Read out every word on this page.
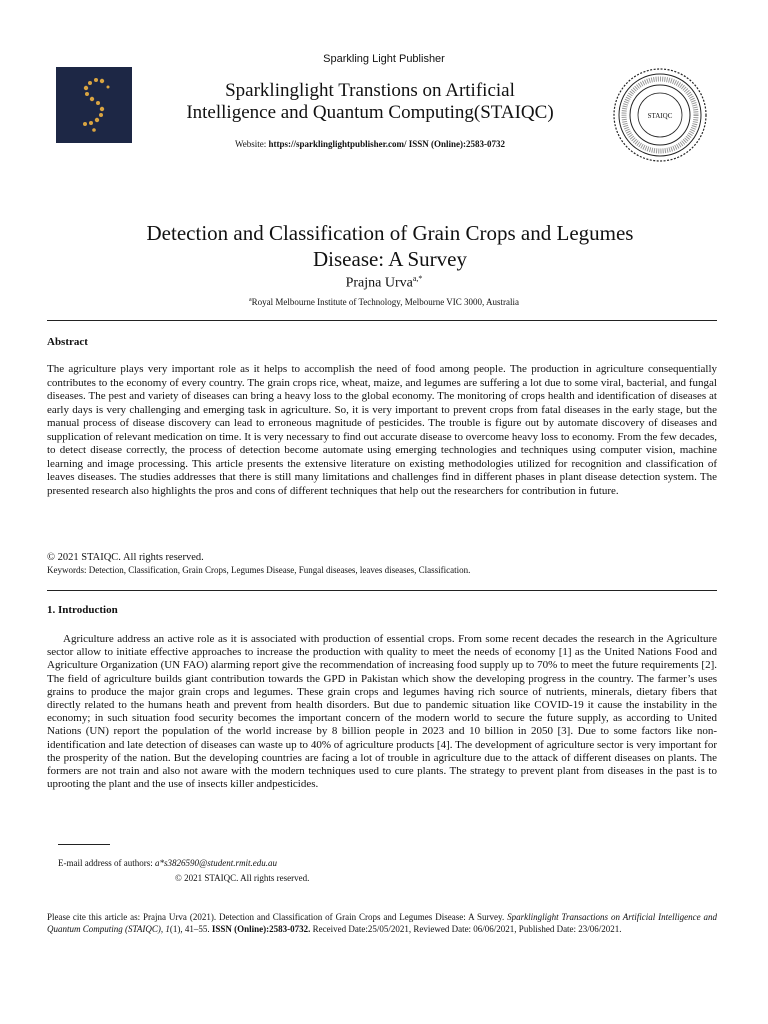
Sparkling Light Publisher
Sparklinglight Transtions on Artificial
Intelligence and Quantum Computing(STAIQC)
Website: https://sparklinglightpublisher.com/ ISSN (Online):2583-0732
STAIQC
Detection and Classification of Grain Crops and Legumes
Disease: A Survey
Prajna Urva$^{a,*}$
$^a$Royal Melbourne Institute of Technology, Melbourne VIC 3000, Australia
Abstract
The agriculture plays very important role as it helps to accomplish the need of food among people. The production in agriculture consequentially contributes to the economy of every country. The grain crops rice, wheat, maize, and legumes are suffering a lot due to some viral, bacterial, and fungal diseases. The pest and variety of diseases can bring a heavy loss to the global economy. The monitoring of crops health and identification of diseases at early days is very challenging and emerging task in agriculture. So, it is very important to prevent crops from fatal diseases in the early stage, but the manual process of disease discovery can lead to erroneous magnitude of pesticides. The trouble is figure out by automate discovery of diseases and supplication of relevant medication on time. It is very necessary to find out accurate disease to overcome heavy loss to economy. From the few decades, to detect disease correctly, the process of detection become automate using emerging technologies and techniques using computer vision, machine learning and image processing. This article presents the extensive literature on existing methodologies utilized for recognition and classification of leaves diseases. The studies addresses that there is still many limitations and challenges find in different phases in plant disease detection system. The presented research also highlights the pros and cons of different techniques that help out the researchers for contribution in future.
© 2021 STAIQC. All rights reserved.
Keywords: Detection, Classification, Grain Crops, Legumes Disease, Fungal diseases, leaves diseases, Classification.
1. Introduction
Agriculture address an active role as it is associated with production of essential crops. From some recent decades the research in the Agriculture sector allow to initiate effective approaches to increase the production with quality to meet the needs of economy [1] as the United Nations Food and Agriculture Organization (UN FAO) alarming report give the recommendation of increasing food supply up to 70% to meet the future requirements [2]. The field of agriculture builds giant contribution towards the GPD in Pakistan which show the developing progress in the country. The farmer’s uses grains to produce the major grain crops and legumes. These grain crops and legumes having rich source of nutrients, minerals, dietary fibers that directly related to the humans heath and prevent from health disorders. But due to pandemic situation like COVID-19 it cause the instability in the economy; in such situation food security becomes the important concern of the modern world to secure the future supply, as according to United Nations (UN) report the population of the world increase by 8 billion people in 2023 and 10 billion in 2050 [3]. Due to some factors like non-identification and late detection of diseases can waste up to 40% of agriculture products [4]. The development of agriculture sector is very important for the prosperity of the nation. But the developing countries are facing a lot of trouble in agriculture due to the attack of different diseases on plants. The formers are not train and also not aware with the modern techniques used to cure plants. The strategy to prevent plant from diseases in the past is to uprooting the plant and the use of insects killer andpesticides.
E-mail address of authors: a*s3826590@student.rmit.edu.au
© 2021 STAIQC. All rights reserved.
Please cite this article as: Prajna Urva (2021). Detection and Classification of Grain Crops and Legumes Disease: A Survey. Sparklinglight Transactions on Artificial Intelligence and Quantum Computing (STAIQC), 1(1), 41–55. ISSN (Online):2583-0732. Received Date:25/05/2021, Reviewed Date: 06/06/2021, Published Date: 23/06/2021.
